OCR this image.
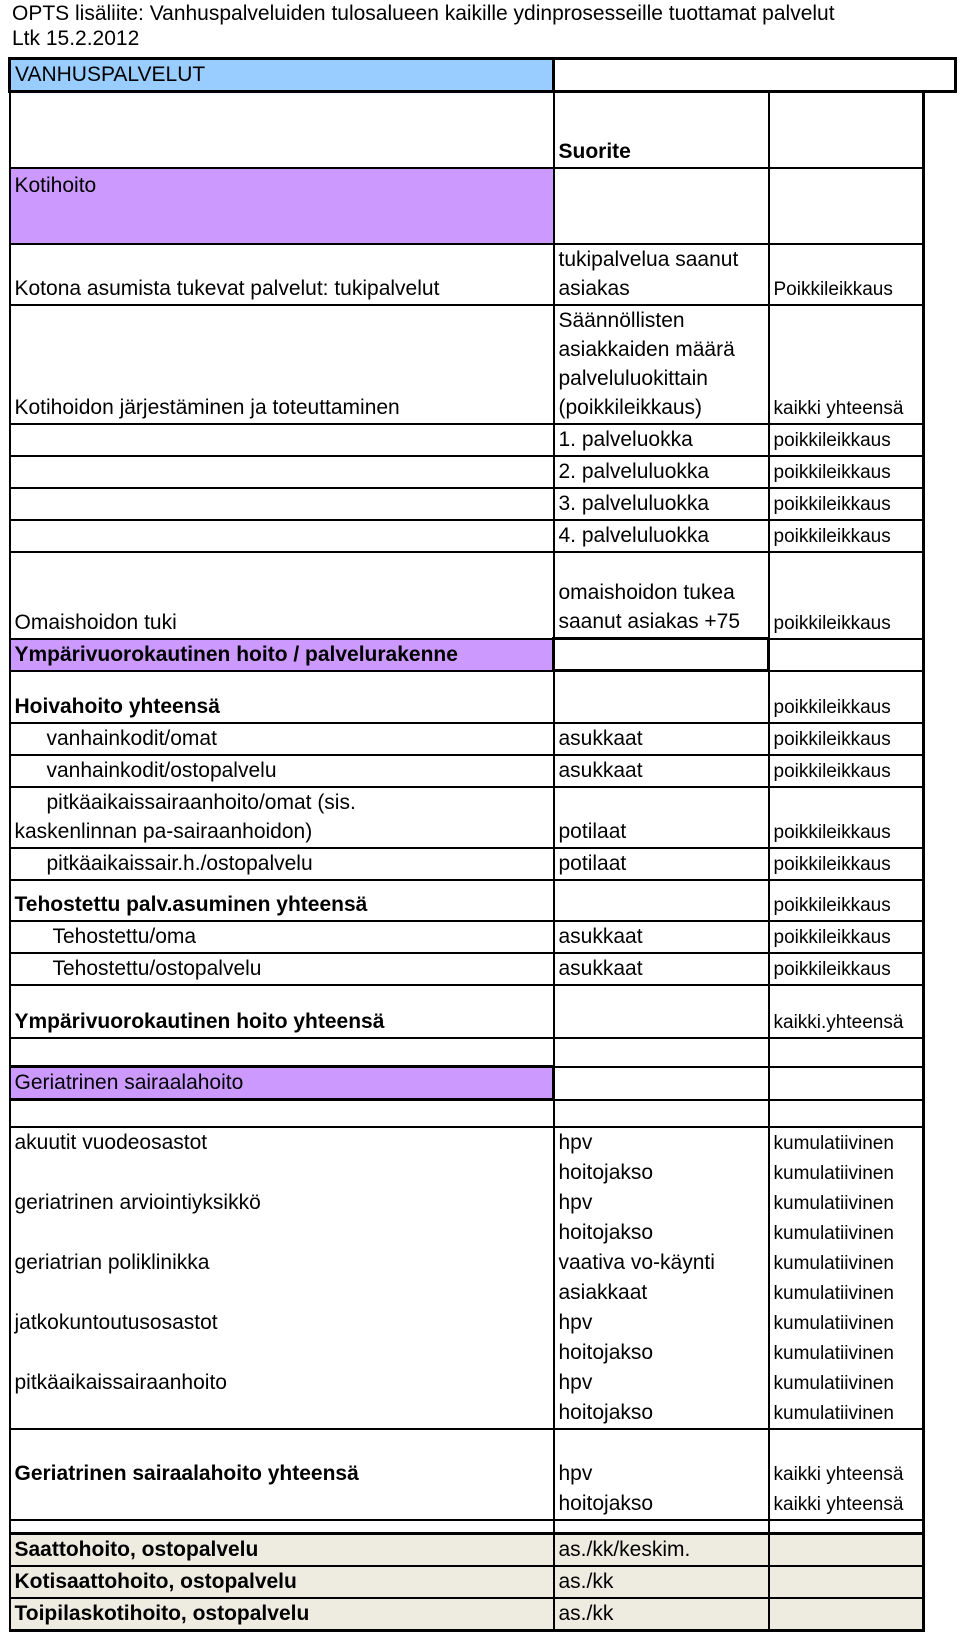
OPTS lisäliite: Vanhuspalveluiden tulosalueen kaikille ydinprosesseille tuottamat palvelut
Ltk 15.2.2012
VANHUSPALVELUT			
	Suorite		
Kotihoito			
Kotona asumista tukevat palvelut: tukipalvelut	tukipalvelua saanut asiakas	Poikkileikkaus	
Kotihoidon järjestäminen ja toteuttaminen	Säännöllisten asiakkaiden määrä palveluluokittain (poikkileikkaus)	kaikki yhteensä	
	1. palveluokka	poikkileikkaus	
	2. palveluluokka	poikkileikkaus	
	3. palveluluokka	poikkileikkaus	
	4. palveluluokka	poikkileikkaus	
Omaishoidon tuki	omaishoidon tukea saanut asiakas +75	poikkileikkaus	
Ympärivuorokautinen hoito / palvelurakenne			
Hoivahoito yhteensä		poikkileikkaus	
vanhainkodit/omat	asukkaat	poikkileikkaus	
vanhainkodit/ostopalvelu	asukkaat	poikkileikkaus	

pitkäaikaissairaanhoito/omat (sis.
kaskenlinnan pa-sairaanhoidon)	potilaat	poikkileikkaus	
pitkäaikaissair.h./ostopalvelu	potilaat	poikkileikkaus	
Tehostettu palv.asuminen yhteensä		poikkileikkaus	
Tehostettu/oma	asukkaat	poikkileikkaus	
Tehostettu/ostopalvelu	asukkaat	poikkileikkaus	
Ympärivuorokautinen hoito yhteensä		kaikki.yhteensä	

Geriatrinen sairaalahoito			

akuutit vuodeosastot	hpv	kumulatiivinen	
	hoitojakso	kumulatiivinen	
geriatrinen arviointiyksikkö	hpv	kumulatiivinen	
	hoitojakso	kumulatiivinen	
geriatrian poliklinikka	vaativa vo-käynti	kumulatiivinen	
	asiakkaat	kumulatiivinen	
jatkokuntoutusosastot	hpv	kumulatiivinen	
	hoitojakso	kumulatiivinen	
pitkäaikaissairaanhoito	hpv	kumulatiivinen	
	hoitojakso	kumulatiivinen	
Geriatrinen sairaalahoito yhteensä	hpv	kaikki yhteensä	
	hoitojakso	kaikki yhteensä	

Saattohoito, ostopalvelu	as./kk/keskim.		
Kotisaattohoito, ostopalvelu	as./kk		
Toipilaskotihoito, ostopalvelu	as./kk		
